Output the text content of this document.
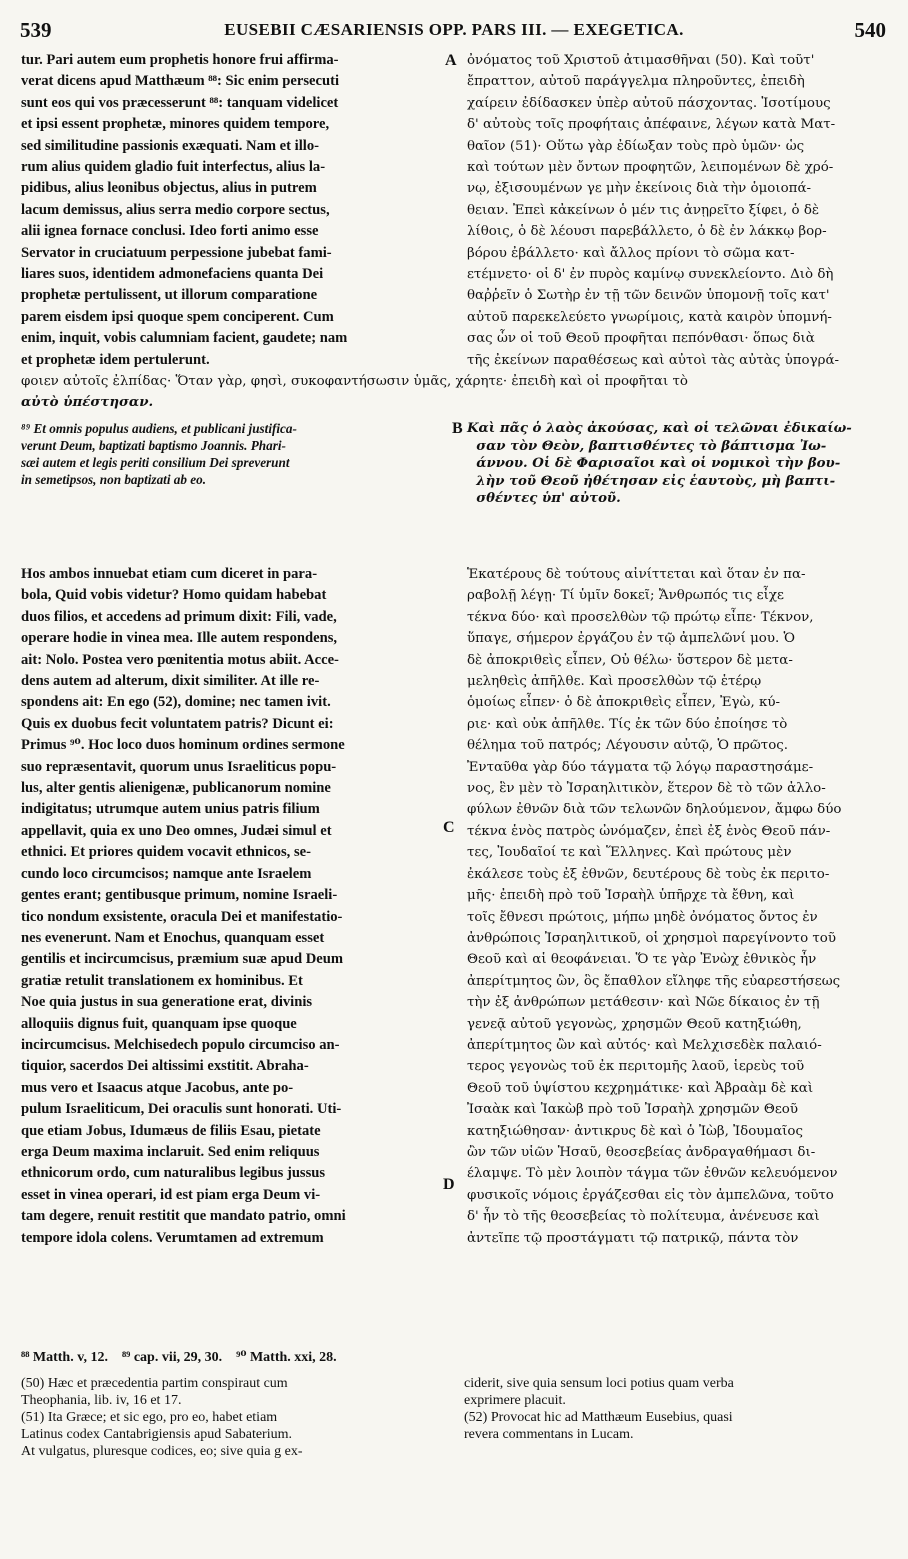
539	EUSEBII CÆSARIENSIS OPP. PARS III. — EXEGETICA.	540
tur. Pari autem eum prophetis honore frui affirma-
verat dicens apud Matthæum ⁸⁸: Sic enim persecuti
sunt eos qui vos præcesserunt ⁸⁸: tanquam videlicet
et ipsi essent prophetæ, minores quidem tempore,
sed similitudine passionis exæquati. Nam et illo-
rum alius quidem gladio fuit interfectus, alius la-
pidibus, alius leonibus objectus, alius in putrem
lacum demissus, alius serra medio corpore sectus,
alii ignea fornace conclusi. Ideo forti animo esse
Servator in cruciatuum perpessione jubebat fami-
liares suos, identidem admonefaciens quanta Dei
prophetæ pertulissent, ut illorum comparatione
parem eisdem ipsi quoque spem conciperent. Cum
enim, inquit, vobis calumniam facient, gaudete; nam
et prophetæ idem pertulerunt.
A ὀνόματος τοῦ Χριστοῦ ἀτιμασθῆναι (50). Καὶ τοῦτ'
ἔπραττον, αὐτοῦ παράγγελμα πληροῦντες, ἐπειδὴ
χαίρειν ἐδίδασκεν ὑπὲρ αὐτοῦ πάσχοντας. Ἰσοτίμους
δ' αὐτοὺς τοῖς προφήταις ἀπέφαινε, λέγων κατὰ Ματ-
θαῖον (51)· Οὕτω γὰρ ἐδίωξαν τοὺς πρὸ ὑμῶν· ὡς
καὶ τούτων μὲν ὄντων προφητῶν, λειπομένων δὲ χρό-
νῳ, ἐξισουμένων γε μὴν ἐκείνοις διὰ τὴν ὁμοιοπά-
θειαν. Ἐπεὶ κἀκείνων ὁ μέν τις ἀνῃρεῖτο ξίφει, ὁ δὲ
λίθοις, ὁ δὲ λέουσι παρεβάλλετο, ὁ δὲ ἐν λάκκῳ βορ-
βόρου ἐβάλλετο· καὶ ἄλλος πρίονι τὸ σῶμα κατ-
ετέμνετο· οἱ δ' ἐν πυρὸς καμίνῳ συνεκλείοντο. Διὸ δὴ
θαῤῥεῖν ὁ Σωτὴρ ἐν τῇ τῶν δεινῶν ὑπομονῇ τοῖς κατ'
αὐτοῦ παρεκελεύετο γνωρίμοις, κατὰ καιρὸν ὑπομνή-
σας ὧν οἱ τοῦ Θεοῦ προφῆται πεπόνθασι· ὅπως διὰ
τῆς ἐκείνων παραθέσεως καὶ αὐτοὶ τὰς αὐτὰς ὑπογρά-
φοιεν αὐτοῖς ἐλπίδας· Ὅταν γὰρ, φησὶ, συκοφαντήσωσιν ὑμᾶς, χάρητε· ἐπειδὴ καὶ οἱ προφῆται τὸ
αὐτὸ ὑπέστησαν.
⁸⁹ Et omnis populus audiens, et publicani justifica-
verunt Deum, baptizati baptismo Joannis. Phari-
sæi autem et legis periti consilium Dei spreverunt
in semetipsos, non baptizati ab eo.
B Καὶ πᾶς ὁ λαὸς ἀκούσας, καὶ οἱ τελῶναι ἐδικαίω-
σαν τὸν Θεὸν, βαπτισθέντες τὸ βάπτισμα Ἰω-
άννου. Οἱ δὲ Φαρισαῖοι καὶ οἱ νομικοὶ τὴν βου-
λὴν τοῦ Θεοῦ ἠθέτησαν εἰς ἑαυτοὺς, μὴ βαπτι-
σθέντες ὑπ' αὐτοῦ.
Hos ambos innuebat etiam cum diceret in para-
bola, Quid vobis videtur? Homo quidam habebat
duos filios, et accedens ad primum dixit: Fili, vade,
operare hodie in vinea mea. Ille autem respondens,
ait: Nolo. Postea vero pœnitentia motus abiit. Acce-
dens autem ad alterum, dixit similiter. At ille re-
spondens ait: En ego (52), domine; nec tamen ivit.
Quis ex duobus fecit voluntatem patris? Dicunt ei:
Primus ⁹⁰. Hoc loco duos hominum ordines sermone
suo repræsentavit, quorum unus Israeliticus popu-
lus, alter gentis alienigenæ, publicanorum nomine
indigitatus; utrumque autem unius patris filium
appellavit, quia ex uno Deo omnes, Judæi simul et
ethnici. Et priores quidem vocavit ethnicos, se-
cundo loco circumcisos; namque ante Israelem
gentes erant; gentibusque primum, nomine Israeli-
tico nondum exsistente, oracula Dei et manifestatio-
nes evenerunt. Nam et Enochus, quanquam esset
gentilis et incircumcisus, præmium suæ apud Deum
gratiæ retulit translationem ex hominibus. Et
Noe quia justus in sua generatione erat, divinis
alloquiis dignus fuit, quanquam ipse quoque
incircumcisus. Melchisedech populo circumciso an-
tiquior, sacerdos Dei altissimi exstitit. Abraha-
mus vero et Isaacus atque Jacobus, ante po-
pulum Israeliticum, Dei oraculis sunt honorati. Uti-
que etiam Jobus, Idumæus de filiis Esau, pietate
erga Deum maxima inclaruit. Sed enim reliquus
ethnicorum ordo, cum naturalibus legibus jussus
esset in vinea operari, id est piam erga Deum vi-
tam degere, renuit restitit que mandato patrio, omni
tempore idola colens. Verumtamen ad extremum
C
D
Ἑκατέρους δὲ τούτους αἰνίττεται καὶ ὅταν ἐν πα-
ραβολῇ λέγῃ· Τί ὑμῖν δοκεῖ; Ἄνθρωπός τις εἶχε
τέκνα δύο· καὶ προσελθὼν τῷ πρώτῳ εἶπε· Τέκνον,
ὕπαγε, σήμερον ἐργάζου ἐν τῷ ἀμπελῶνί μου. Ὁ
δὲ ἀποκριθεὶς εἶπεν, Οὐ θέλω· ὕστερον δὲ μετα-
μεληθεὶς ἀπῆλθε. Καὶ προσελθὼν τῷ ἑτέρῳ
ὁμοίως εἶπεν· ὁ δὲ ἀποκριθεὶς εἶπεν, Ἐγὼ, κύ-
ριε· καὶ οὐκ ἀπῆλθε. Τίς ἐκ τῶν δύο ἐποίησε τὸ
θέλημα τοῦ πατρός; Λέγουσιν αὐτῷ, Ὁ πρῶτος.
Ἐνταῦθα γὰρ δύο τάγματα τῷ λόγῳ παραστησάμε-
νος, ἓν μὲν τὸ Ἰσραηλιτικὸν, ἕτερον δὲ τὸ τῶν ἀλλο-
φύλων ἐθνῶν διὰ τῶν τελωνῶν δηλούμενον, ἄμφω δύο
τέκνα ἑνὸς πατρὸς ὠνόμαζεν, ἐπεὶ ἐξ ἑνὸς Θεοῦ πάν-
τες, Ἰουδαῖοί τε καὶ Ἕλληνες. Καὶ πρώτους μὲν
ἐκάλεσε τοὺς ἐξ ἐθνῶν, δευτέρους δὲ τοὺς ἐκ περιτο-
μῆς· ἐπειδὴ πρὸ τοῦ Ἰσραὴλ ὑπῆρχε τὰ ἔθνη, καὶ
τοῖς ἔθνεσι πρώτοις, μήπω μηδὲ ὀνόματος ὄντος ἐν
ἀνθρώποις Ἰσραηλιτικοῦ, οἱ χρησμοὶ παρεγίνοντο τοῦ
Θεοῦ καὶ αἱ θεοφάνειαι. Ὅ τε γὰρ Ἐνὼχ ἐθνικὸς ἦν
ἀπερίτμητος ὢν, ὃς ἔπαθλον εἴληφε τῆς εὐαρεστήσεως
τὴν ἐξ ἀνθρώπων μετάθεσιν· καὶ Νῶε δίκαιος ἐν τῇ
γενεᾷ αὐτοῦ γεγονὼς, χρησμῶν Θεοῦ κατηξιώθη,
ἀπερίτμητος ὢν καὶ αὐτός· καὶ Μελχισεδὲκ παλαιό-
τερος γεγονὼς τοῦ ἐκ περιτομῆς λαοῦ, ἱερεὺς τοῦ
Θεοῦ τοῦ ὑψίστου κεχρημάτικε· καὶ Ἀβραὰμ δὲ καὶ
Ἰσαὰκ καὶ Ἰακὼβ πρὸ τοῦ Ἰσραὴλ χρησμῶν Θεοῦ
κατηξιώθησαν· ἀντικρυς δὲ καὶ ὁ Ἰὼβ, Ἰδουμαῖος
ὢν τῶν υἱῶν Ἡσαῦ, θεοσεβείας ἀνδραγαθήμασι δι-
έλαμψε. Τὸ μὲν λοιπὸν τάγμα τῶν ἐθνῶν κελευόμενον
φυσικοῖς νόμοις ἐργάζεσθαι εἰς τὸν ἀμπελῶνα, τοῦτο
δ' ἦν τὸ τῆς θεοσεβείας τὸ πολίτευμα, ἀνένευσε καὶ
ἀντεῖπε τῷ προστάγματι τῷ πατρικῷ, πάντα τὸν
⁸⁸ Matth. v, 12.    ⁸⁹ cap. vii, 29, 30.    ⁹⁰ Matth. xxi, 28.
(50) Hæc et præcedentia partim conspiraut cum
Theophania, lib. iv, 16 et 17.
(51) Ita Græce; et sic ego, pro eo, habet etiam
Latinus codex Cantabrigiensis apud Sabaterium.
At vulgatus, pluresque codices, eo; sive quia g ex-
ciderit, sive quia sensum loci potius quam verba
exprimere placuit.
(52) Provocat hic ad Matthæum Eusebius, quasi
revera commentans in Lucam.
